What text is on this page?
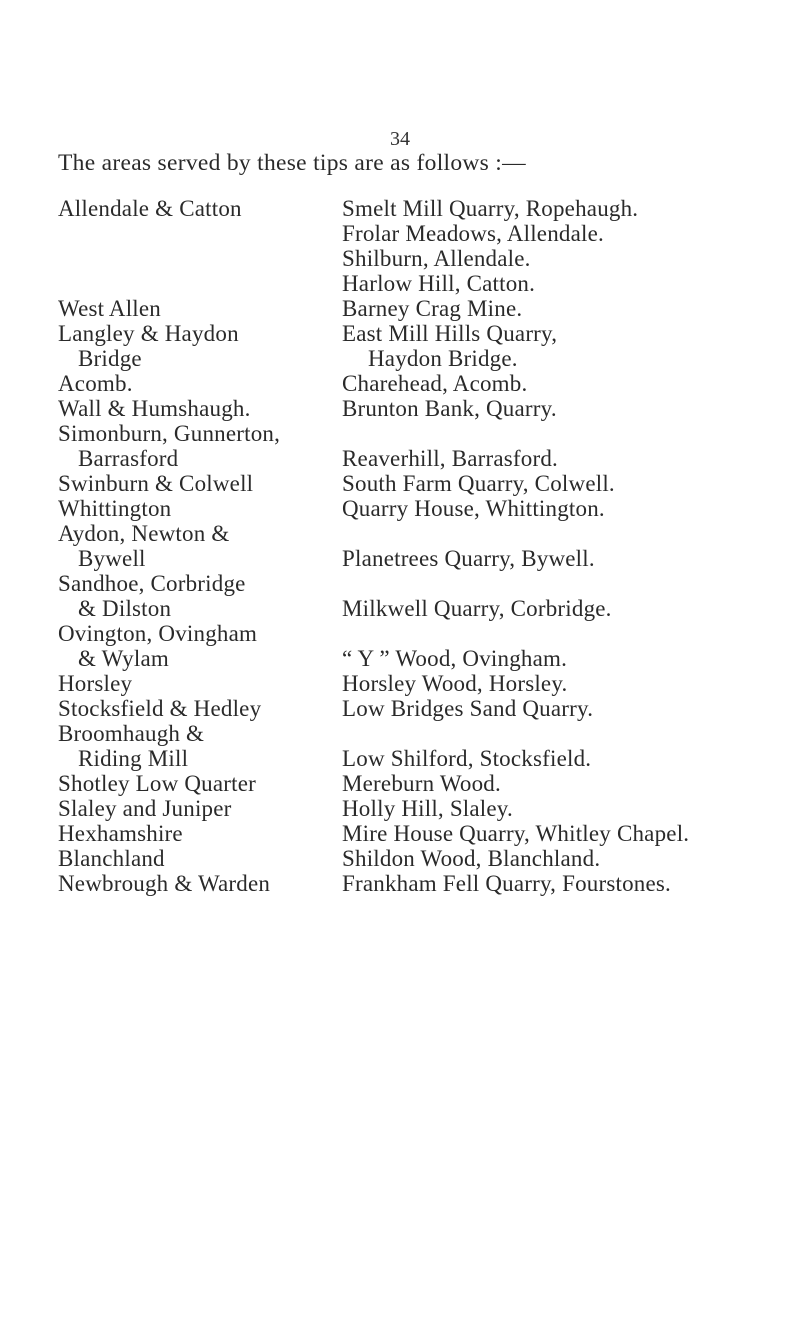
34
The areas served by these tips are as follows :—
Allendale & Catton
West Allen
Langley & Haydon
Bridge
Acomb.
Wall & Humshaugh.
Simonburn, Gunnerton,
Barrasford
Swinburn & Colwell
Whittington
Aydon, Newton &
Bywell
Sandhoe, Corbridge
& Dilston
Ovington, Ovingham
& Wylam
Horsley
Stocksfield & Hedley
Broomhaugh &
Riding Mill
Shotley Low Quarter
Slaley and Juniper
Hexhamshire
Blanchland
Newbrough & Warden
Smelt Mill Quarry, Ropehaugh.
Frolar Meadows, Allendale.
Shilburn, Allendale.
Harlow Hill, Catton.
Barney Crag Mine.
East Mill Hills Quarry,
Haydon Bridge.
Charehead, Acomb.
Brunton Bank, Quarry.
Reaverhill, Barrasford.
South Farm Quarry, Colwell.
Quarry House, Whittington.
Planetrees Quarry, Bywell.
Milkwell Quarry, Corbridge.
“ Y ” Wood, Ovingham.
Horsley Wood, Horsley.
Low Bridges Sand Quarry.
Low Shilford, Stocksfield.
Mereburn Wood.
Holly Hill, Slaley.
Mire House Quarry, Whitley Chapel.
Shildon Wood, Blanchland.
Frankham Fell Quarry, Fourstones.
